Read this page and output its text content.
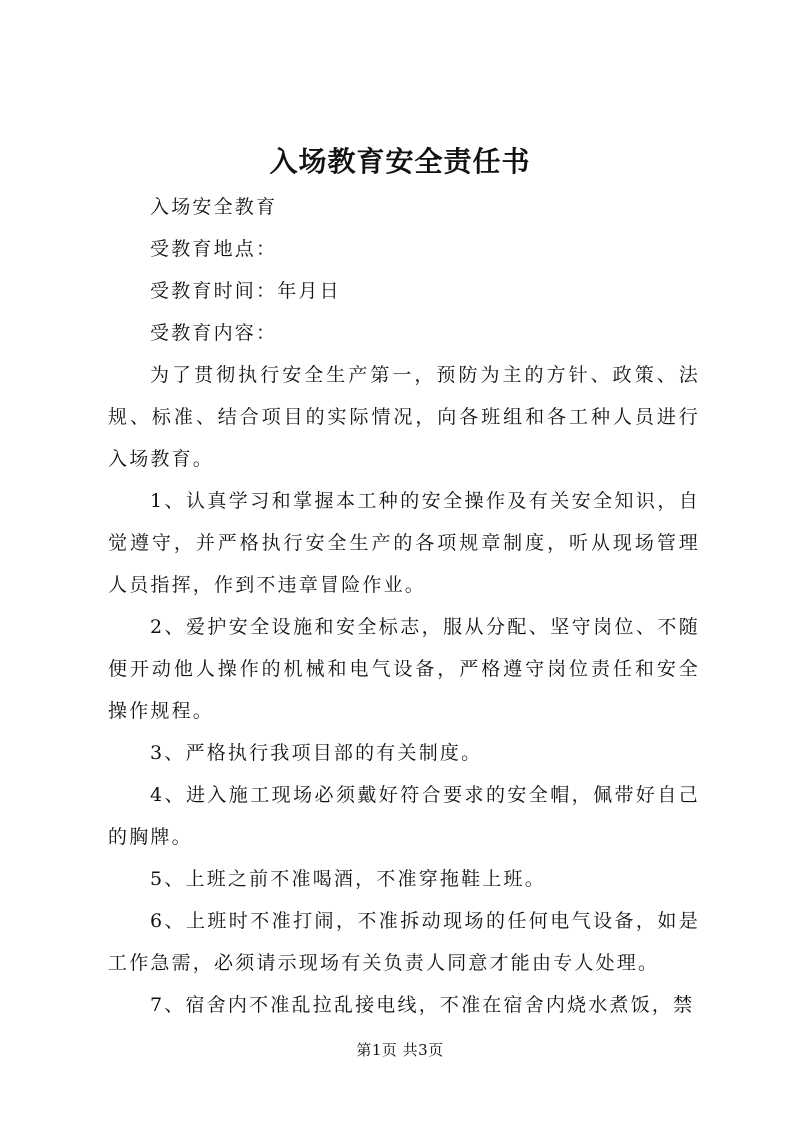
入场教育安全责任书

入场安全教育

受教育地点：

受教育时间：年月日

受教育内容：

为了贯彻执行安全生产第一，预防为主的方针、政策、法规、标准、结合项目的实际情况，向各班组和各工种人员进行入场教育。

1、认真学习和掌握本工种的安全操作及有关安全知识，自觉遵守，并严格执行安全生产的各项规章制度，听从现场管理人员指挥，作到不违章冒险作业。

2、爱护安全设施和安全标志，服从分配、坚守岗位、不随便开动他人操作的机械和电气设备，严格遵守岗位责任和安全操作规程。

3、严格执行我项目部的有关制度。

4、进入施工现场必须戴好符合要求的安全帽，佩带好自己的胸牌。

5、上班之前不准喝酒，不准穿拖鞋上班。

6、上班时不准打闹，不准拆动现场的任何电气设备，如是工作急需，必须请示现场有关负责人同意才能由专人处理。

7、宿舍内不准乱拉乱接电线，不准在宿舍内烧水煮饭，禁

第1页 共3页
